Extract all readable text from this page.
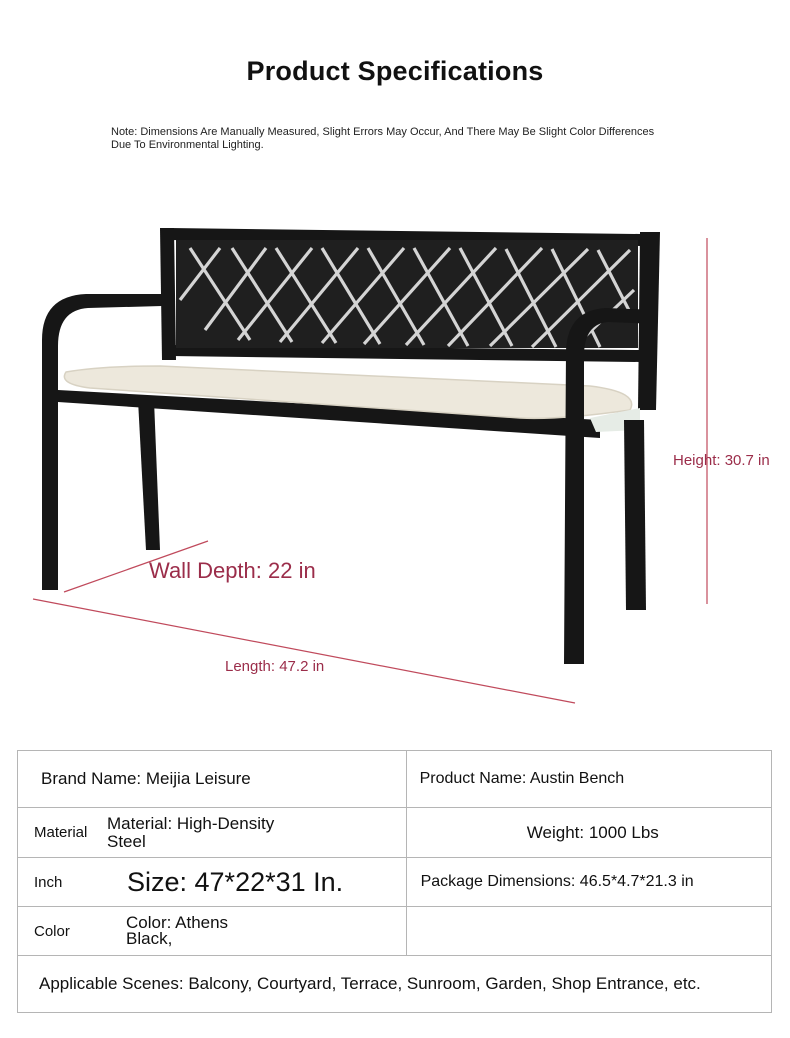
Product Specifications
Note: Dimensions Are Manually Measured, Slight Errors May Occur, And There May Be Slight Color Differences Due To Environmental Lighting.
Height: 30.7 in
Wall Depth: 22 in
Length: 47.2 in
Brand Name: Meijia Leisure	Product Name: Austin Bench

Material Material: High-Density
Steel	Weight: 1000 Lbs

Inch Size: 47*22*31 In.	Package Dimensions: 46.5*4.7*21.3 in

Color Color: Athens
Black,	

Applicable Scenes: Balcony, Courtyard, Terrace, Sunroom, Garden, Shop Entrance, etc.	
